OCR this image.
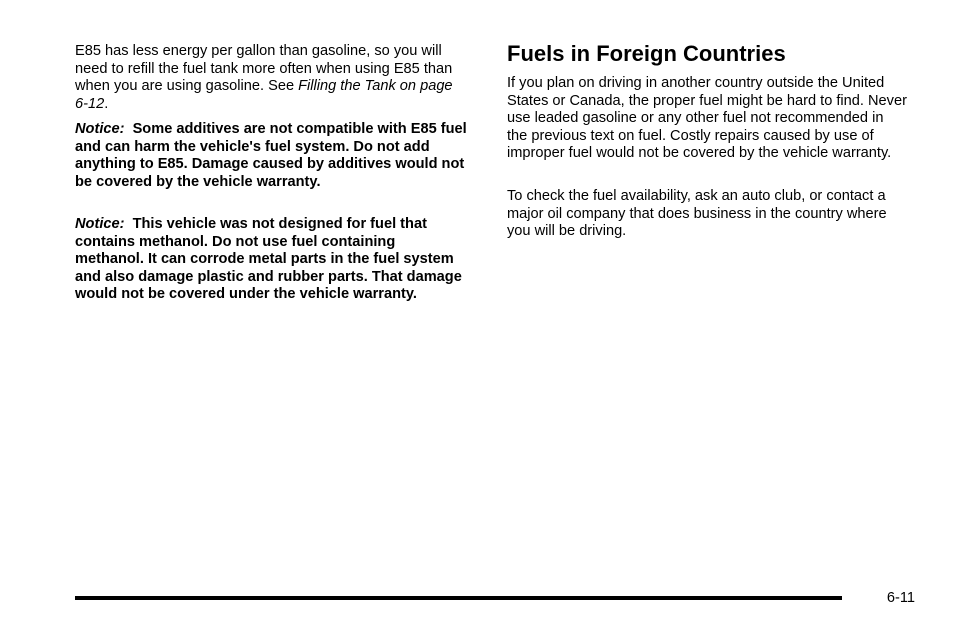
E85 has less energy per gallon than gasoline, so you will need to refill the fuel tank more often when using E85 than when you are using gasoline. See Filling the Tank on page 6-12.

Notice: Some additives are not compatible with E85 fuel and can harm the vehicle's fuel system. Do not add anything to E85. Damage caused by additives would not be covered by the vehicle warranty.

Notice: This vehicle was not designed for fuel that contains methanol. Do not use fuel containing methanol. It can corrode metal parts in the fuel system and also damage plastic and rubber parts. That damage would not be covered under the vehicle warranty.

Fuels in Foreign Countries

If you plan on driving in another country outside the United States or Canada, the proper fuel might be hard to find. Never use leaded gasoline or any other fuel not recommended in the previous text on fuel. Costly repairs caused by use of improper fuel would not be covered by the vehicle warranty.

To check the fuel availability, ask an auto club, or contact a major oil company that does business in the country where you will be driving.

6-11
